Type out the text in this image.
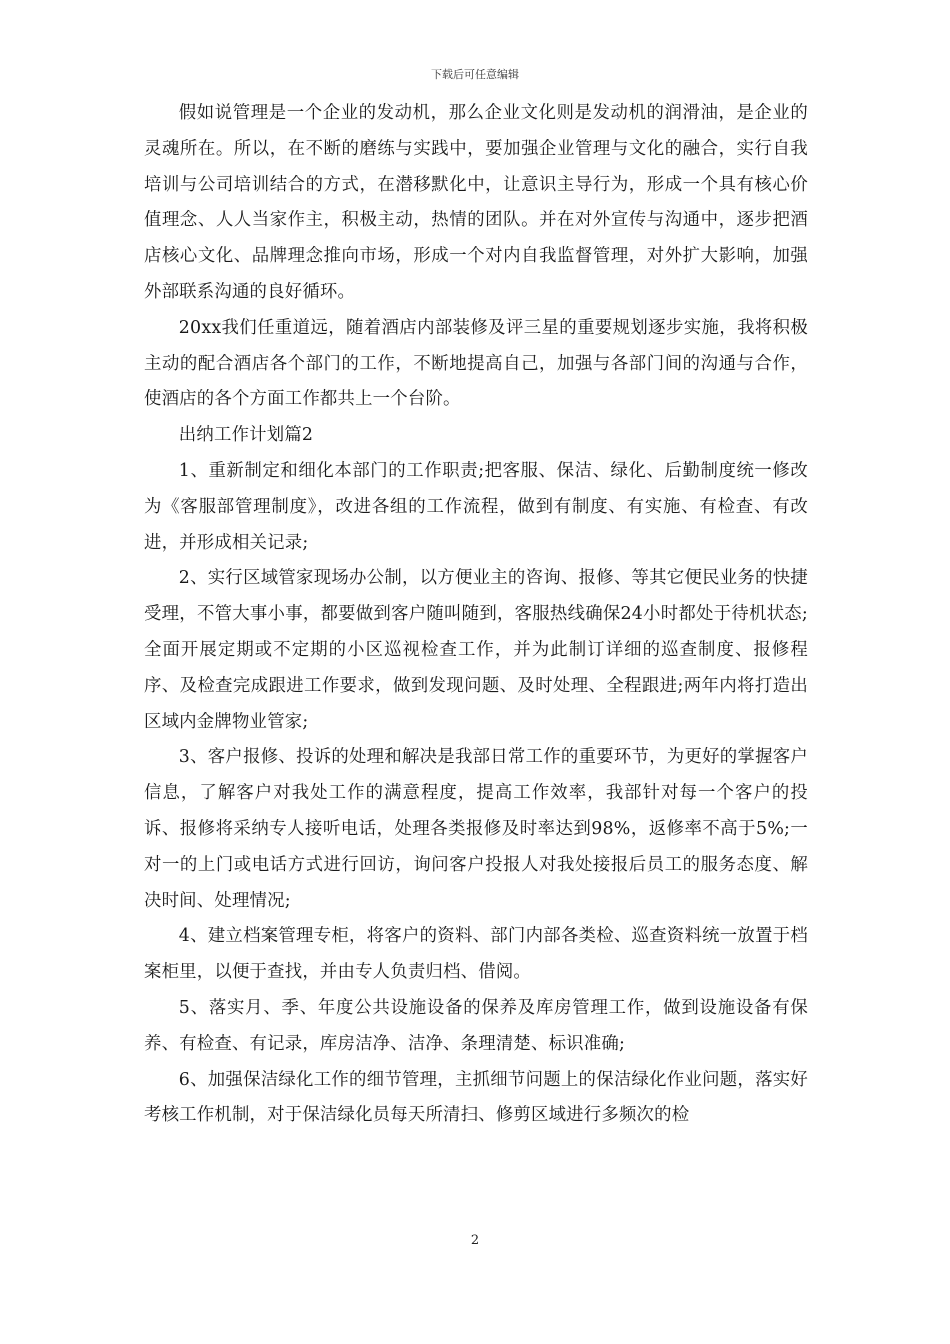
下载后可任意编辑

假如说管理是一个企业的发动机，那么企业文化则是发动机的润滑油，是企业的灵魂所在。所以，在不断的磨练与实践中，要加强企业管理与文化的融合，实行自我培训与公司培训结合的方式，在潜移默化中，让意识主导行为，形成一个具有核心价值理念、人人当家作主，积极主动，热情的团队。并在对外宣传与沟通中，逐步把酒店核心文化、品牌理念推向市场，形成一个对内自我监督管理，对外扩大影响，加强外部联系沟通的良好循环。

20xx我们任重道远，随着酒店内部装修及评三星的重要规划逐步实施，我将积极主动的配合酒店各个部门的工作，不断地提高自己，加强与各部门间的沟通与合作，使酒店的各个方面工作都共上一个台阶。

出纳工作计划篇2

1、重新制定和细化本部门的工作职责;把客服、保洁、绿化、后勤制度统一修改为《客服部管理制度》，改进各组的工作流程，做到有制度、有实施、有检查、有改进，并形成相关记录;

2、实行区域管家现场办公制，以方便业主的咨询、报修、等其它便民业务的快捷受理，不管大事小事，都要做到客户随叫随到，客服热线确保24小时都处于待机状态;全面开展定期或不定期的小区巡视检查工作，并为此制订详细的巡查制度、报修程序、及检查完成跟进工作要求，做到发现问题、及时处理、全程跟进;两年内将打造出区域内金牌物业管家;

3、客户报修、投诉的处理和解决是我部日常工作的重要环节，为更好的掌握客户信息，了解客户对我处工作的满意程度，提高工作效率，我部针对每一个客户的投诉、报修将采纳专人接听电话，处理各类报修及时率达到98%，返修率不高于5%;一对一的上门或电话方式进行回访，询问客户投报人对我处接报后员工的服务态度、解决时间、处理情况;

4、建立档案管理专柜，将客户的资料、部门内部各类检、巡查资料统一放置于档案柜里，以便于查找，并由专人负责归档、借阅。

5、落实月、季、年度公共设施设备的保养及库房管理工作，做到设施设备有保养、有检查、有记录，库房洁净、洁净、条理清楚、标识准确;

6、加强保洁绿化工作的细节管理，主抓细节问题上的保洁绿化作业问题，落实好考核工作机制，对于保洁绿化员每天所清扫、修剪区域进行多频次的检

2
